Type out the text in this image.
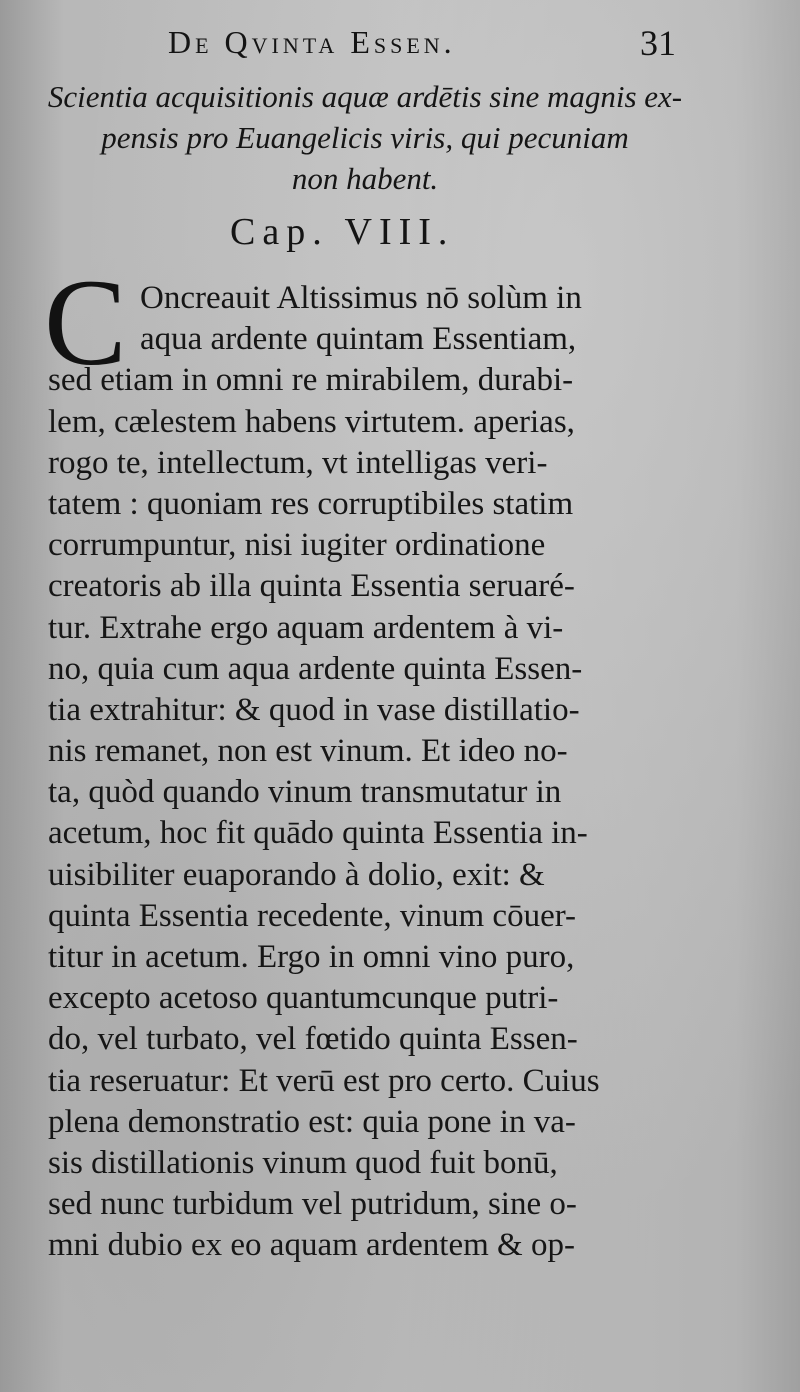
De Qvinta Essen.	31
Scientia acquisitionis aquæ ardētis sine magnis ex-
pensis pro Euangelicis viris, qui pecuniam
non habent.
Cap. VIII.
C Oncreauit Altissimus nō solùm in
aqua ardente quintam Essentiam,
sed etiam in omni re mirabilem, durabi-
lem, cælestem habens virtutem. aperias,
rogo te, intellectum, vt intelligas veri-
tatem : quoniam res corruptibiles statim
corrumpuntur, nisi iugiter ordinatione
creatoris ab illa quinta Essentia seruaré-
tur. Extrahe ergo aquam ardentem à vi-
no, quia cum aqua ardente quinta Essen-
tia extrahitur: & quod in vase distillatio-
nis remanet, non est vinum. Et ideo no-
ta, quòd quando vinum transmutatur in
acetum, hoc fit quādo quinta Essentia in-
uisibiliter euaporando à dolio, exit: &
quinta Essentia recedente, vinum cōuer-
titur in acetum. Ergo in omni vino puro,
excepto acetoso quantumcunque putri-
do, vel turbato, vel fœtido quinta Essen-
tia reseruatur: Et verū est pro certo. Cuius
plena demonstratio est: quia pone in va-
sis distillationis vinum quod fuit bonū,
sed nunc turbidum vel putridum, sine o-
mni dubio ex eo aquam ardentem & op-
